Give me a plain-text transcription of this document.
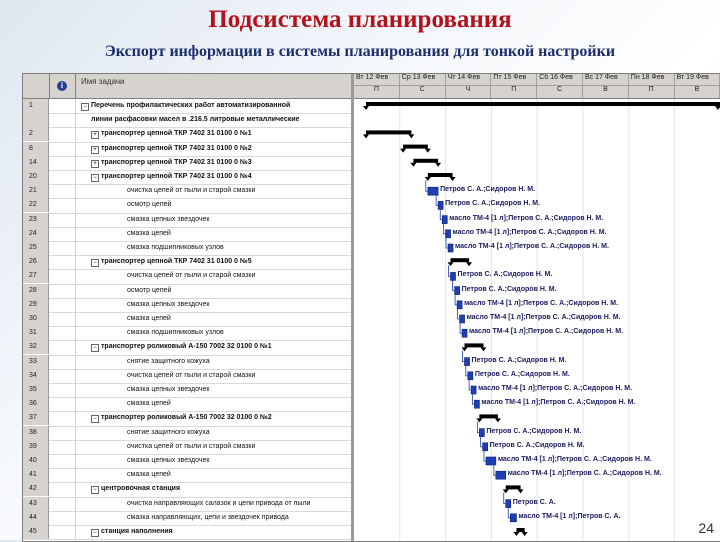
Подсистема планирования
Экспорт информации в системы планирования для тонкой настройки
i	Имя задачи
1	− Перечень профилактических работ автоматизированной
линии расфасовки масел в .216.5 литровые металлические
2	+ транспортер цепной ТКР 7402 31 0100 0 №1
8	+ транспортер цепной ТКР 7402 31 0100 0 №2
14	+ транспортер цепной ТКР 7402 31 0100 0 №3
20	− транспортер цепной ТКР 7402 31 0100 0 №4
21	очистка цепей от пыли и старой смазки
22	осмотр цепей
23	смазка цепных звездочек
24	смазка цепей
25	смазка подшипниковых узлов
26	− транспортер цепной ТКР 7402 31 0100 0 №5
27	очистка цепей от пыли и старой смазки
28	осмотр цепей
29	смазка цепных звездочек
30	смазка цепей
31	смазка подшипниковых узлов
32	− транспортер роликовый А-150 7002 32 0100 0 №1
33	снятие защитного кожуха
34	очистка цепей от пыли и старой смазки
35	смазка цепных звездочек
36	смазка цепей
37	− транспортер роликовый А-150 7002 32 0100 0 №2
38	снятие защитного кожуха
39	очистка цепей от пыли и старой смазки
40	смазка цепных звездочек
41	смазка цепей
42	− центровочная станция
43	очистка направляющих салазок и цепи привода от пыли
44	смазка направляющих, цепи и звездочек привода
45	− станция наполнения
Вт 12 Фев	Ср 13 Фев	Чт 14 Фев	Пт 15 Фев	Сб 16 Фев	Вс 17 Фев	Пн 18 Фев	Вт 19 Фев
П	С	Ч	П	С	В	П	В
Петров С. А.;Сидоров Н. М.
Петров С. А.;Сидоров Н. М.
масло ТМ-4 [1 л];Петров С. А.;Сидоров Н. М.
масло ТМ-4 [1 л];Петров С. А.;Сидоров Н. М.
масло ТМ-4 [1 л];Петров С. А.;Сидоров Н. М.
Петров С. А.;Сидоров Н. М.
Петров С. А.;Сидоров Н. М.
масло ТМ-4 [1 л];Петров С. А.;Сидоров Н. М.
масло ТМ-4 [1 л];Петров С. А.;Сидоров Н. М.
масло ТМ-4 [1 л];Петров С. А.;Сидоров Н. М.
Петров С. А.;Сидоров Н. М.
Петров С. А.;Сидоров Н. М.
масло ТМ-4 [1 л];Петров С. А.;Сидоров Н. М.
масло ТМ-4 [1 л];Петров С. А.;Сидоров Н. М.
Петров С. А.;Сидоров Н. М.
Петров С. А.;Сидоров Н. М.
масло ТМ-4 [1 л];Петров С. А.;Сидоров Н. М.
масло ТМ-4 [1 л];Петров С. А.;Сидоров Н. М.
Петров С. А.
масло ТМ-4 [1 л];Петров С. А.
24
